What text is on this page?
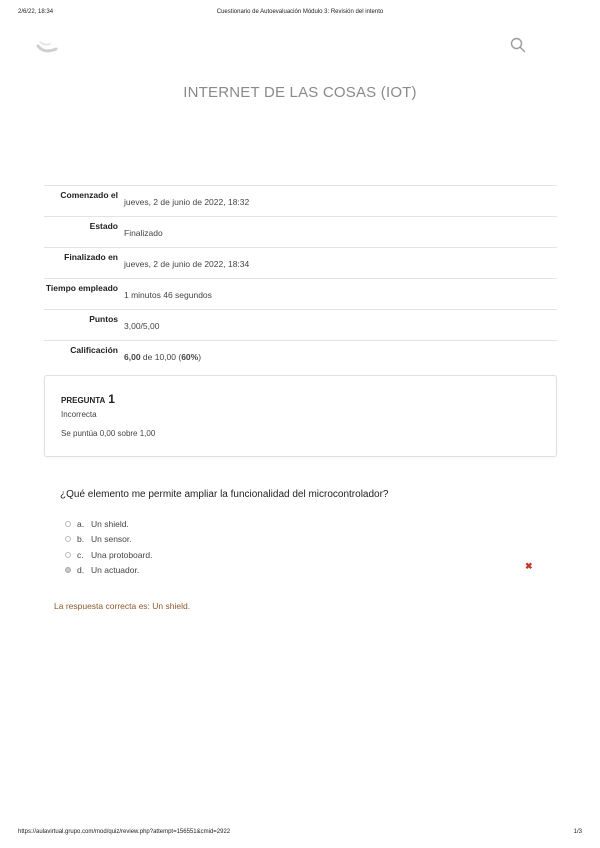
2/6/22, 18:34	Cuestionario de Autoevaluación Módulo 3: Revisión del intento
INTERNET DE LAS COSAS (IOT)
Comenzado el	jueves, 2 de junio de 2022, 18:32
Estado	Finalizado
Finalizado en	jueves, 2 de junio de 2022, 18:34
Tiempo empleado	1 minutos 46 segundos
Puntos	3,00/5,00
Calificación	6,00 de 10,00 (60%)
PREGUNTA 1
Incorrecta
Se puntúa 0,00 sobre 1,00
¿Qué elemento me permite ampliar la funcionalidad del microcontrolador?
a. Un shield.
b. Un sensor.
c. Una protoboard.
d. Un actuador.	✖
La respuesta correcta es: Un shield.
https://aulavirtual.grupo.com/mod/quiz/review.php?attempt=156551&cmid=2922	1/3
